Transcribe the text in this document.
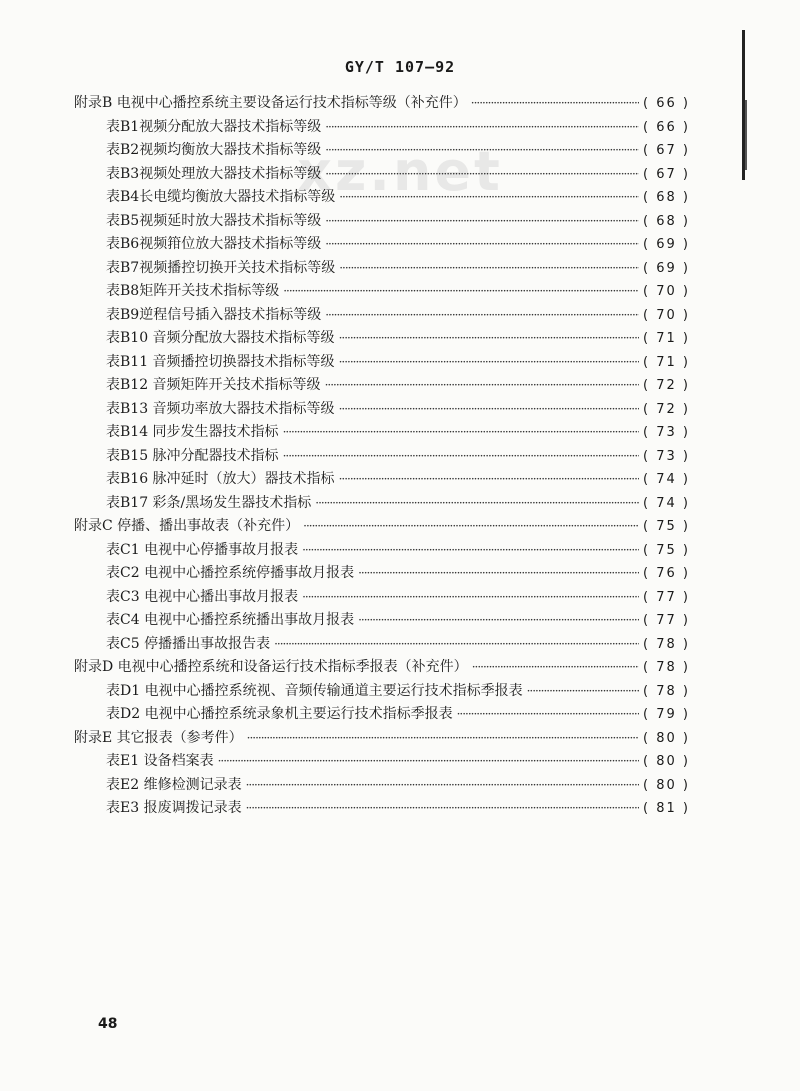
GY/T 107—92
xz.net
附录B 电视中心播控系统主要设备运行技术指标等级（补充件） ·····	( 66 )
表B1视频分配放大器技术指标等级 ·····	( 66 )
表B2视频均衡放大器技术指标等级 ·····	( 67 )
表B3视频处理放大器技术指标等级 ·····	( 67 )
表B4长电缆均衡放大器技术指标等级 ·····	( 68 )
表B5视频延时放大器技术指标等级 ·····	( 68 )
表B6视频箝位放大器技术指标等级 ·····	( 69 )
表B7视频播控切换开关技术指标等级 ·····	( 69 )
表B8矩阵开关技术指标等级 ·····	( 70 )
表B9逆程信号插入器技术指标等级 ·····	( 70 )
表B10 音频分配放大器技术指标等级 ·····	( 71 )
表B11 音频播控切换器技术指标等级 ·····	( 71 )
表B12 音频矩阵开关技术指标等级 ·····	( 72 )
表B13 音频功率放大器技术指标等级 ·····	( 72 )
表B14 同步发生器技术指标 ·····	( 73 )
表B15 脉冲分配器技术指标 ·····	( 73 )
表B16 脉冲延时（放大）器技术指标 ·····	( 74 )
表B17 彩条/黑场发生器技术指标 ·····	( 74 )
附录C 停播、播出事故表（补充件） ·····	( 75 )
表C1 电视中心停播事故月报表 ·····	( 75 )
表C2 电视中心播控系统停播事故月报表 ·····	( 76 )
表C3 电视中心播出事故月报表 ·····	( 77 )
表C4 电视中心播控系统播出事故月报表 ·····	( 77 )
表C5 停播播出事故报告表 ·····	( 78 )
附录D 电视中心播控系统和设备运行技术指标季报表（补充件） ·····	( 78 )
表D1 电视中心播控系统视、音频传输通道主要运行技术指标季报表 ·····	( 78 )
表D2 电视中心播控系统录象机主要运行技术指标季报表 ·····	( 79 )
附录E 其它报表（参考件） ·····	( 80 )
表E1 设备档案表 ·····	( 80 )
表E2 维修检测记录表 ·····	( 80 )
表E3 报废调拨记录表 ·····	( 81 )
48
